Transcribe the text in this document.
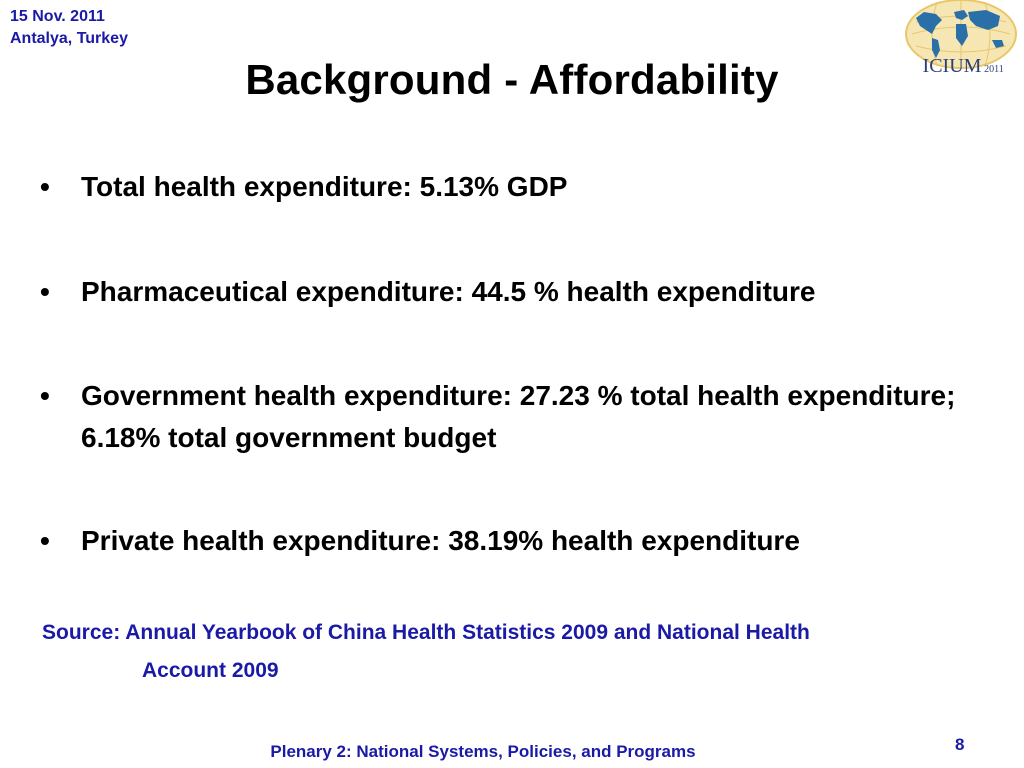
15 Nov. 2011
Antalya, Turkey
ICIUM 2011
Background - Affordability
•	Total health expenditure: 5.13% GDP
•	Pharmaceutical expenditure: 44.5 % health expenditure
•	Government health expenditure: 27.23 % total health expenditure; 6.18% total government budget
•	Private health expenditure: 38.19% health expenditure
Source: Annual Yearbook of China Health Statistics 2009 and National Health
Account 2009
Plenary 2: National Systems, Policies, and Programs	8
